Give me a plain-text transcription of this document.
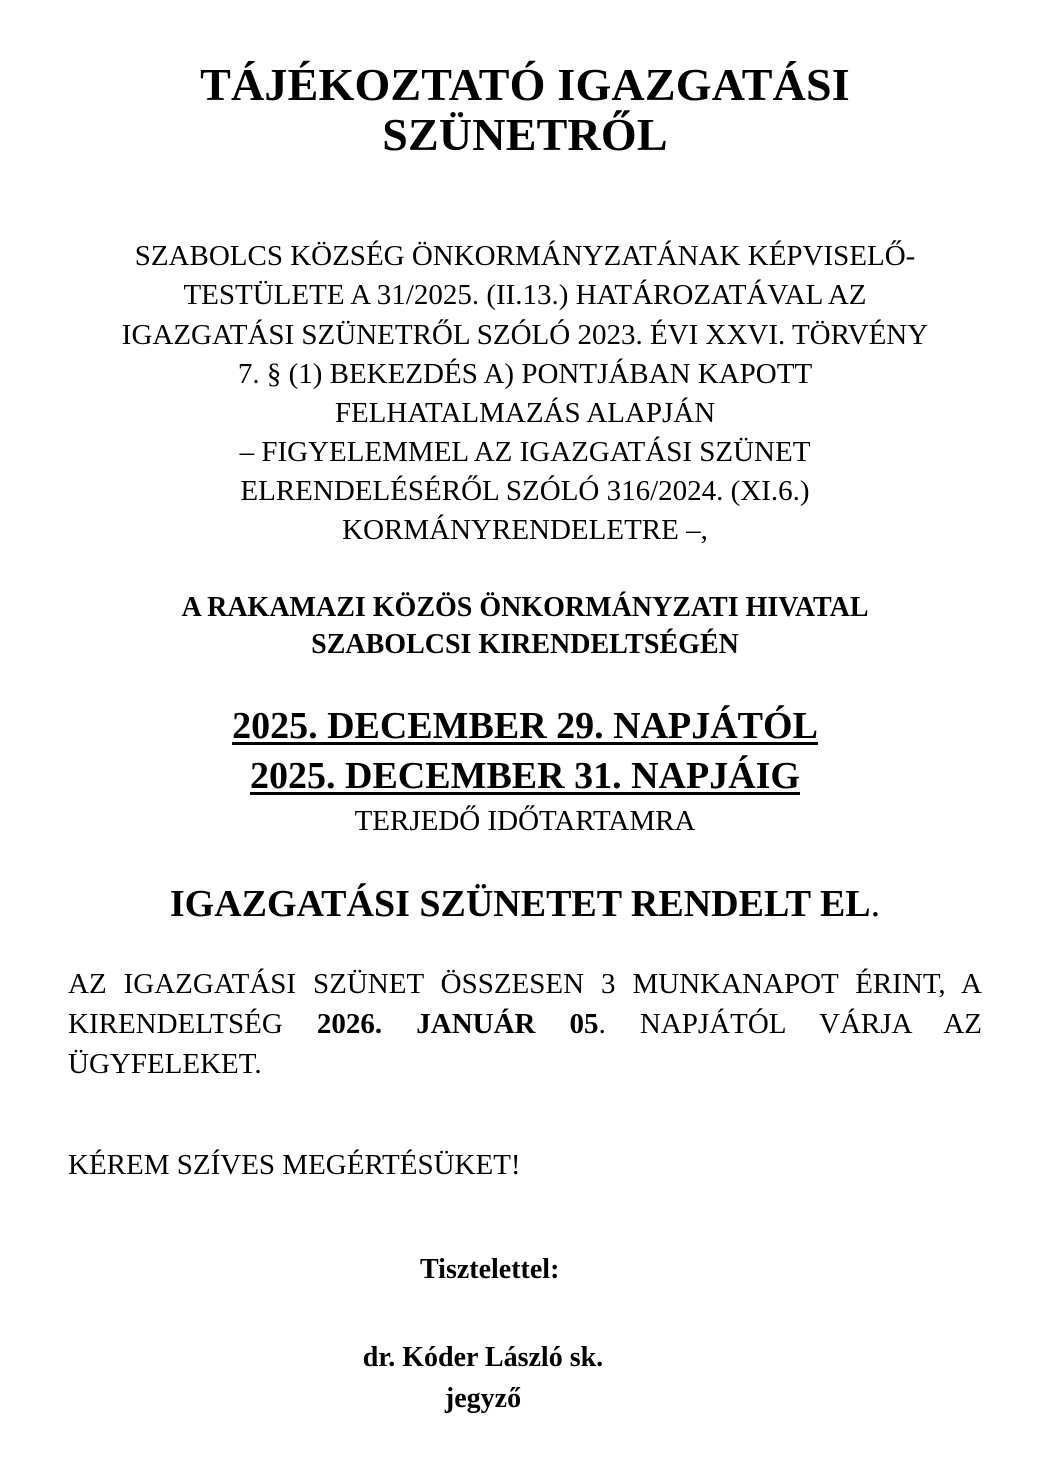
TÁJÉKOZTATÓ IGAZGATÁSI SZÜNETRŐL
SZABOLCS KÖZSÉG ÖNKORMÁNYZATÁNAK KÉPVISELŐ-
TESTÜLETE A 31/2025. (II.13.) HATÁROZATÁVAL AZ
IGAZGATÁSI SZÜNETRŐL SZÓLÓ 2023. ÉVI XXVI. TÖRVÉNY
7. § (1) BEKEZDÉS A) PONTJÁBAN KAPOTT
FELHATALMAZÁS ALAPJÁN
– FIGYELEMMEL AZ IGAZGATÁSI SZÜNET
ELRENDELÉSÉRŐL SZÓLÓ 316/2024. (XI.6.)
KORMÁNYRENDELETRE –,
A RAKAMAZI KÖZÖS ÖNKORMÁNYZATI HIVATAL
SZABOLCSI KIRENDELTSÉGÉN
2025. DECEMBER 29. NAPJÁTÓL
2025. DECEMBER 31. NAPJÁIG
TERJEDŐ IDŐTARTAMRA
IGAZGATÁSI SZÜNETET RENDELT EL.

AZ IGAZGATÁSI SZÜNET ÖSSZESEN 3 MUNKANAPOT ÉRINT, A KIRENDELTSÉG 2026. JANUÁR 05. NAPJÁTÓL VÁRJA AZ ÜGYFELEKET.

KÉREM SZÍVES MEGÉRTÉSÜKET!

Tisztelettel:

dr. Kóder László sk.
jegyző
